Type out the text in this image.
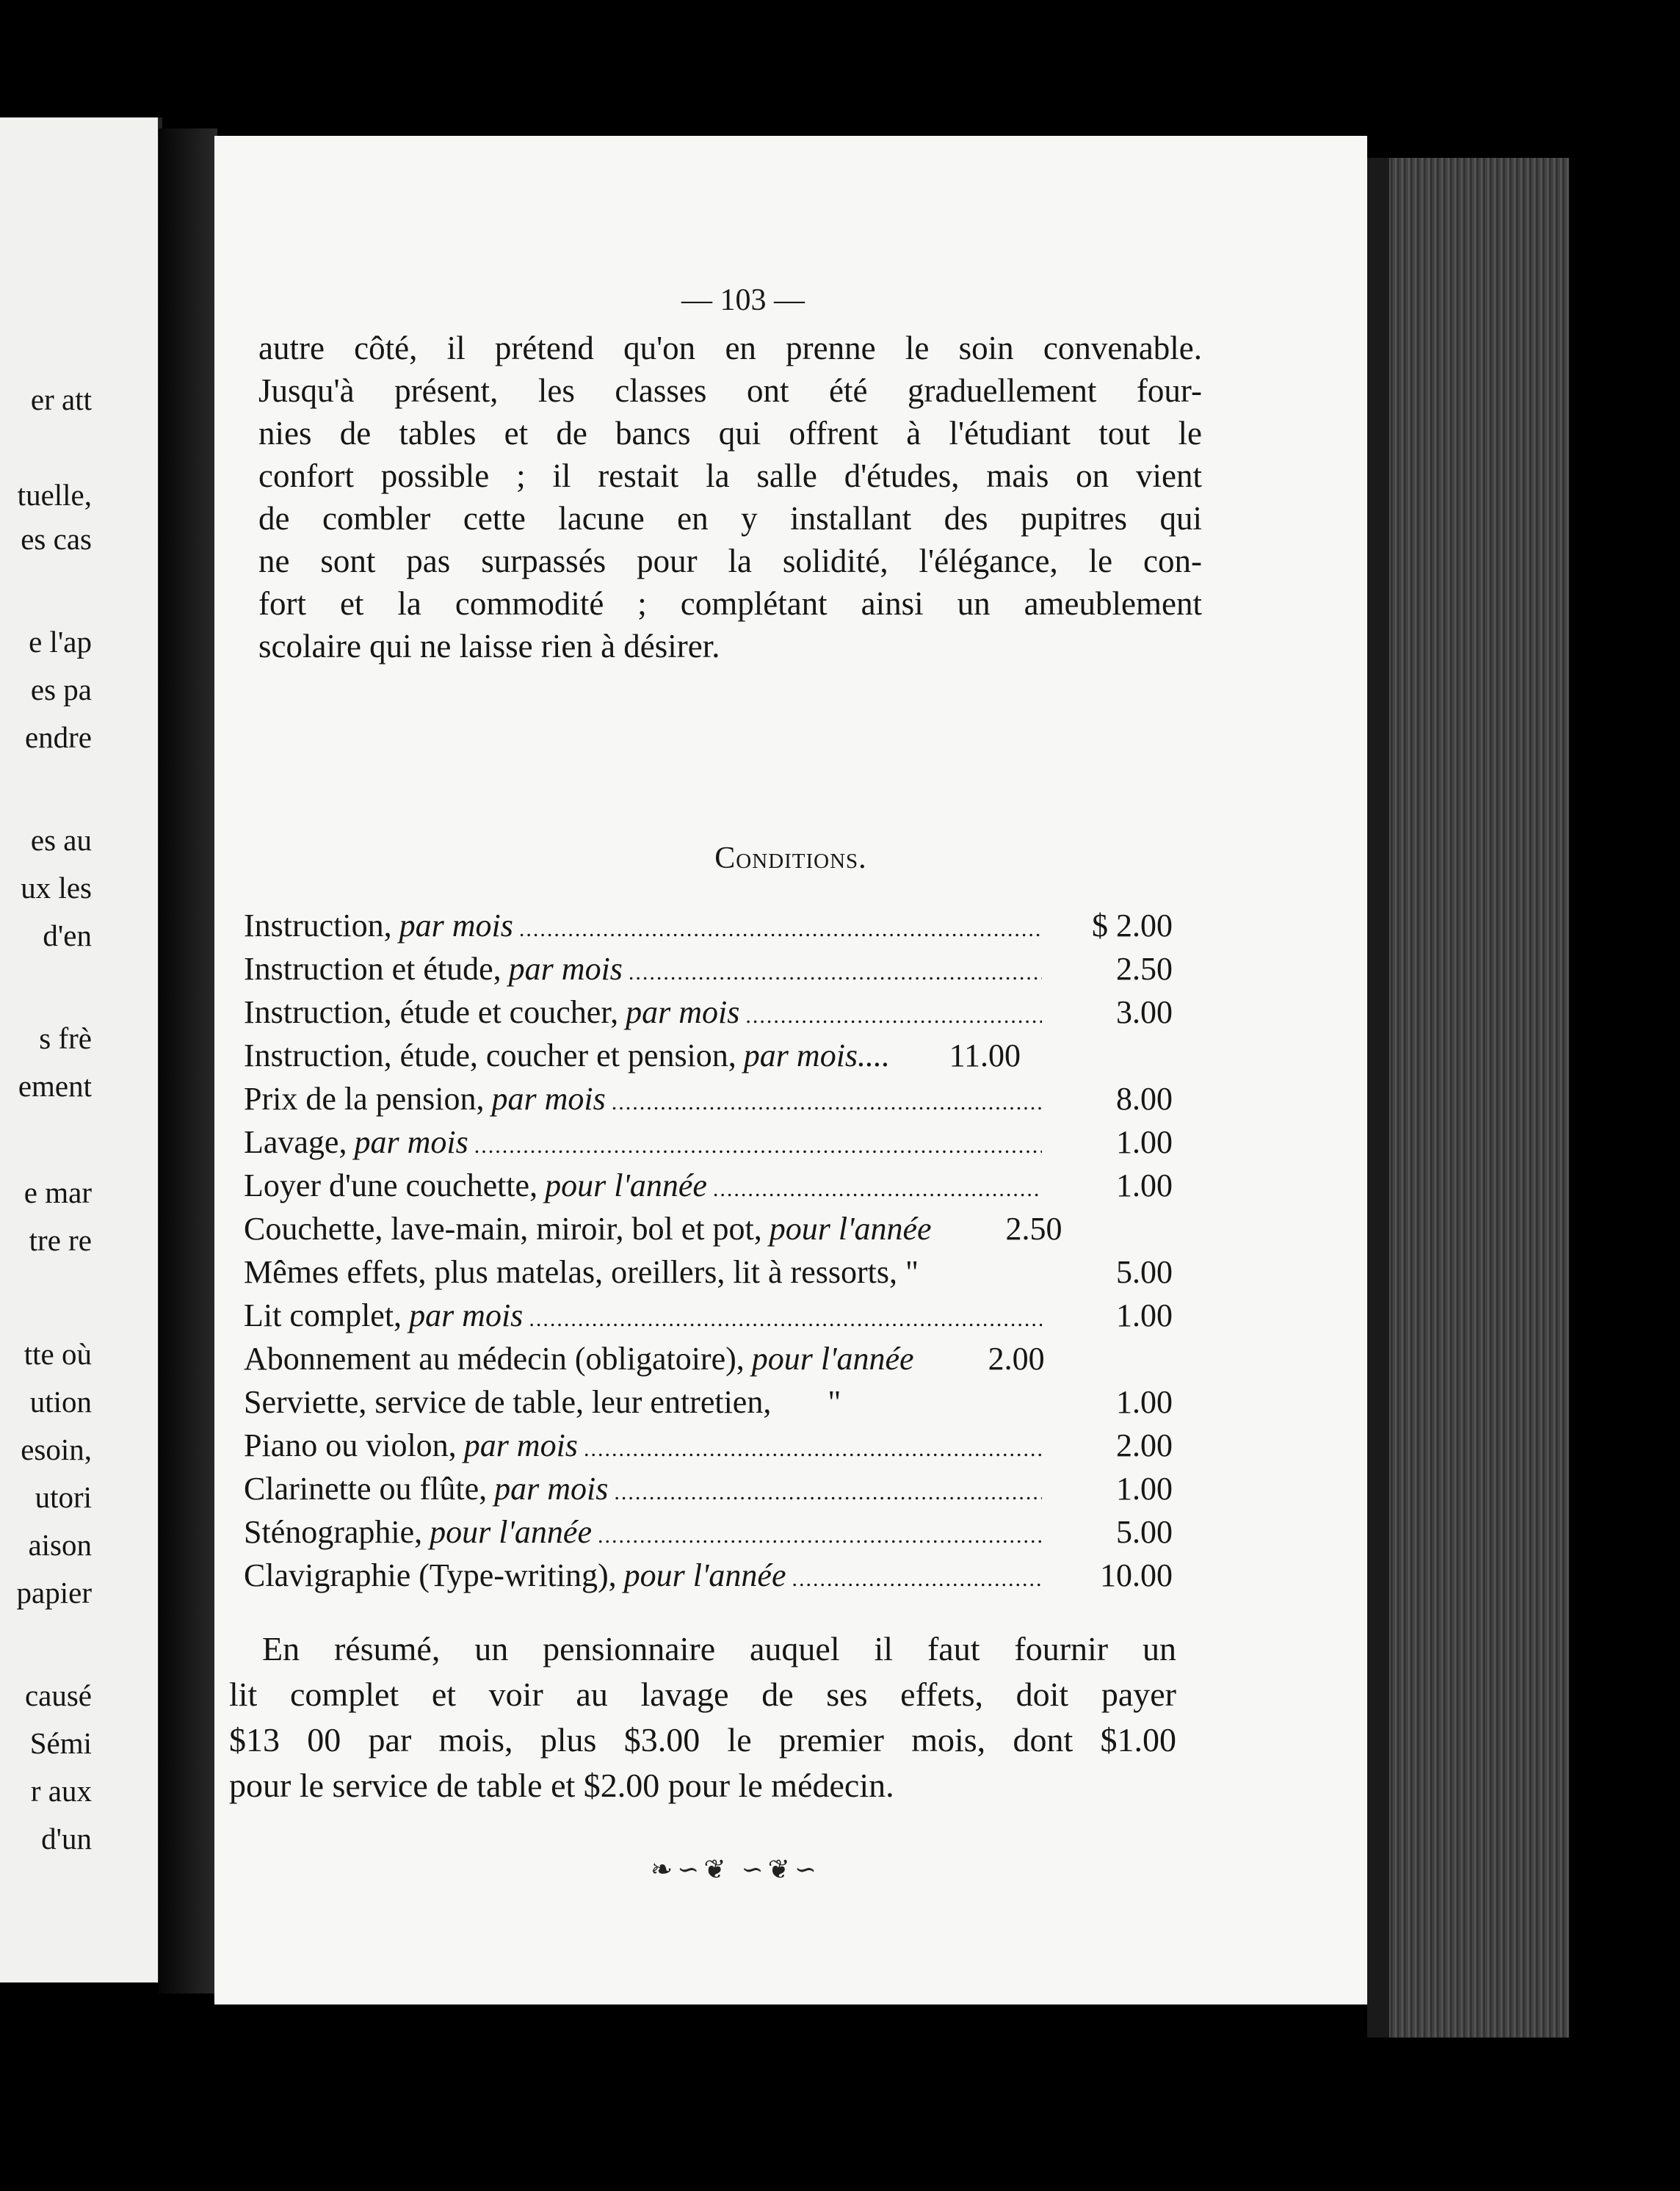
er att
tuelle,
es cas
e l'ap
es pa
endre
es au
ux les
d'en
s frè
ement
e mar
tre re
tte où
ution
esoin,
utori
aison
papier
causé
Sémi
r aux
d'un
— 103 —

autre côté, il prétend qu'on en prenne le soin convenable.
Jusqu'à présent, les classes ont été graduellement four-
nies de tables et de bancs qui offrent à l'étudiant tout le
confort possible ; il restait la salle d'études, mais on vient
de combler cette lacune en y installant des pupitres qui
ne sont pas surpassés pour la solidité, l'élégance, le con-
fort et la commodité ; complétant ainsi un ameublement
scolaire qui ne laisse rien à désirer.

Conditions.
Instruction, par mois .....	$ 2.00
Instruction et étude, par mois .....	2.50
Instruction, étude et coucher, par mois .....	3.00
Instruction, étude, coucher et pension, par mois....	11.00
Prix de la pension, par mois .....	8.00
Lavage, par mois .....	1.00
Loyer d'une couchette, pour l'année .....	1.00
Couchette, lave-main, miroir, bol et pot, pour l'année	2.50
Mêmes effets, plus matelas, oreillers, lit à ressorts, "	5.00
Lit complet, par mois .....	1.00
Abonnement au médecin (obligatoire), pour l'année	2.00
Serviette, service de table, leur entretien,       "	1.00
Piano ou violon, par mois .....	2.00
Clarinette ou flûte, par mois .....	1.00
Sténographie, pour l'année .....	5.00
Clavigraphie (Type-writing), pour l'année .....	10.00

En résumé, un pensionnaire auquel il faut fournir un
lit complet et voir au lavage de ses effets, doit payer
$13 00 par mois, plus $3.00 le premier mois, dont $1.00
pour le service de table et $2.00 pour le médecin.

❧∽❦ ∽❦∽
